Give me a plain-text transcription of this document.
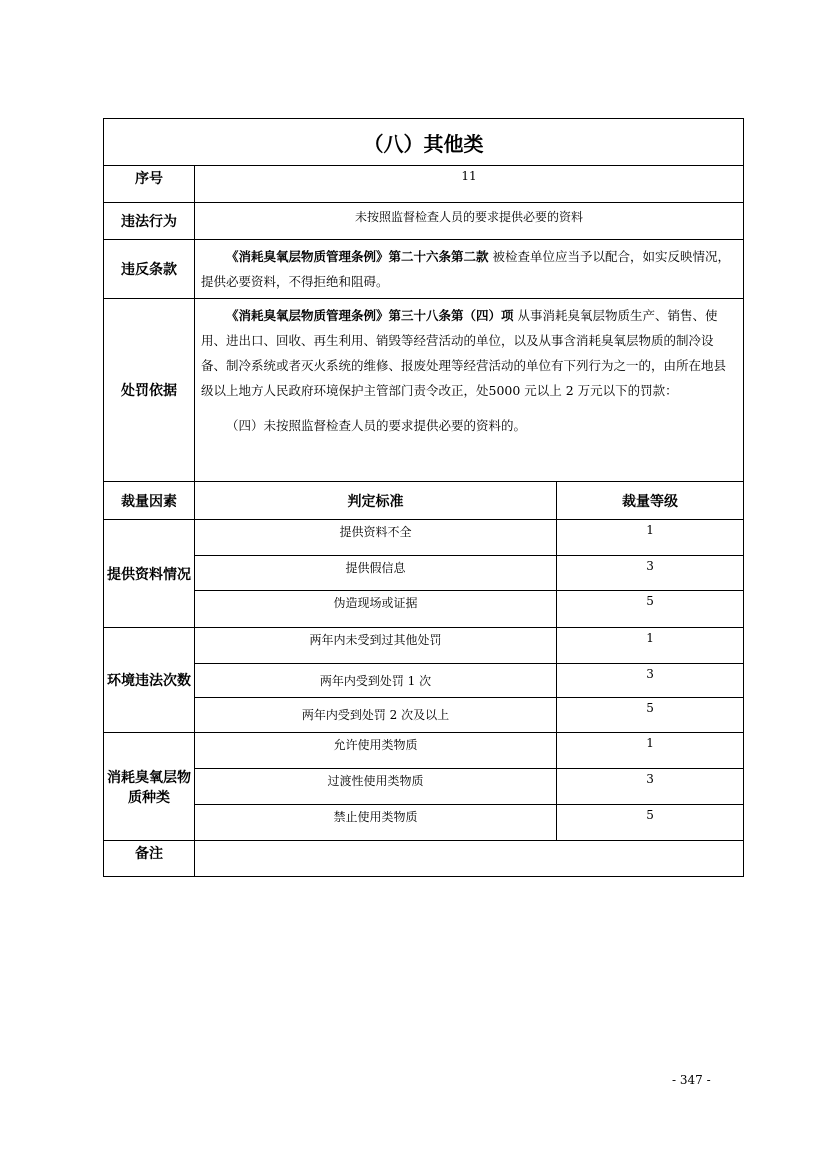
（八）其他类		
序号	11	
违法行为	未按照监督检查人员的要求提供必要的资料	
违反条款	《消耗臭氧层物质管理条例》第二十六条第二款 被检查单位应当予以配合，如实反映情况，提供必要资料，不得拒绝和阻碍。	
处罚依据	《消耗臭氧层物质管理条例》第三十八条第（四）项 从事消耗臭氧层物质生产、销售、使用、进出口、回收、再生利用、销毁等经营活动的单位，以及从事含消耗臭氧层物质的制冷设备、制冷系统或者灭火系统的维修、报废处理等经营活动的单位有下列行为之一的，由所在地县级以上地方人民政府环境保护主管部门责令改正，处5000 元以上 2 万元以下的罚款：
（四）未按照监督检查人员的要求提供必要的资料的。	

裁量因素	判定标准	裁量等级
提供资料情况	提供资料不全	1
	提供假信息	3
	伪造现场或证据	5
环境违法次数	两年内未受到过其他处罚	1
	两年内受到处罚 1 次	3
	两年内受到处罚 2 次及以上	5
消耗臭氧层物质种类	允许使用类物质	1
	过渡性使用类物质	3
	禁止使用类物质	5
备注		
- 347 -
